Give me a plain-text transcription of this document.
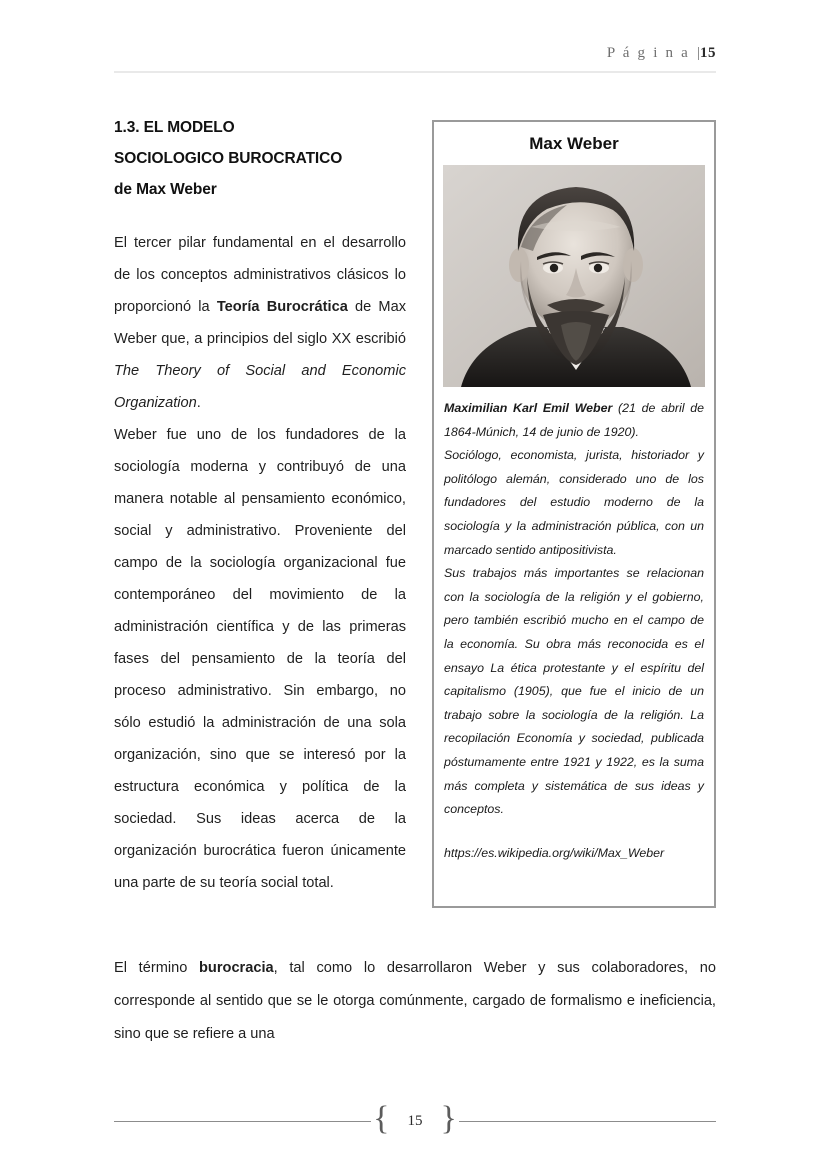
P á g i n a |15
1.3. EL MODELO
SOCIOLOGICO BUROCRATICO
de Max Weber

El tercer pilar fundamental en el desarrollo de los conceptos administrativos clásicos lo proporcionó la Teoría Burocrática de Max Weber que, a principios del siglo XX escribió The Theory of Social and Economic Organization.

Weber fue uno de los fundadores de la sociología moderna y contribuyó de una manera notable al pensamiento económico, social y administrativo. Proveniente del campo de la sociología organizacional fue contemporáneo del movimiento de la administración científica y de las primeras fases del pensamiento de la teoría del proceso administrativo. Sin embargo, no sólo estudió la administración de una sola organización, sino que se interesó por la estructura económica y política de la sociedad. Sus ideas acerca de la organización burocrática fueron únicamente una parte de su teoría social total.

Max Weber

Maximilian Karl Emil Weber (21 de abril de 1864-Múnich, 14 de junio de 1920).

Sociólogo, economista, jurista, historiador y politólogo alemán, considerado uno de los fundadores del estudio moderno de la sociología y la administración pública, con un marcado sentido antipositivista.

Sus trabajos más importantes se relacionan con la sociología de la religión y el gobierno, pero también escribió mucho en el campo de la economía. Su obra más reconocida es el ensayo La ética protestante y el espíritu del capitalismo (1905), que fue el inicio de un trabajo sobre la sociología de la religión. La recopilación Economía y sociedad, publicada póstumamente entre 1921 y 1922, es la suma más completa y sistemática de sus ideas y conceptos.

https://es.wikipedia.org/wiki/Max_Weber

El término burocracia, tal como lo desarrollaron Weber y sus colaboradores, no corresponde al sentido que se le otorga comúnmente, cargado de formalismo e ineficiencia, sino que se refiere a una
{	15 }
